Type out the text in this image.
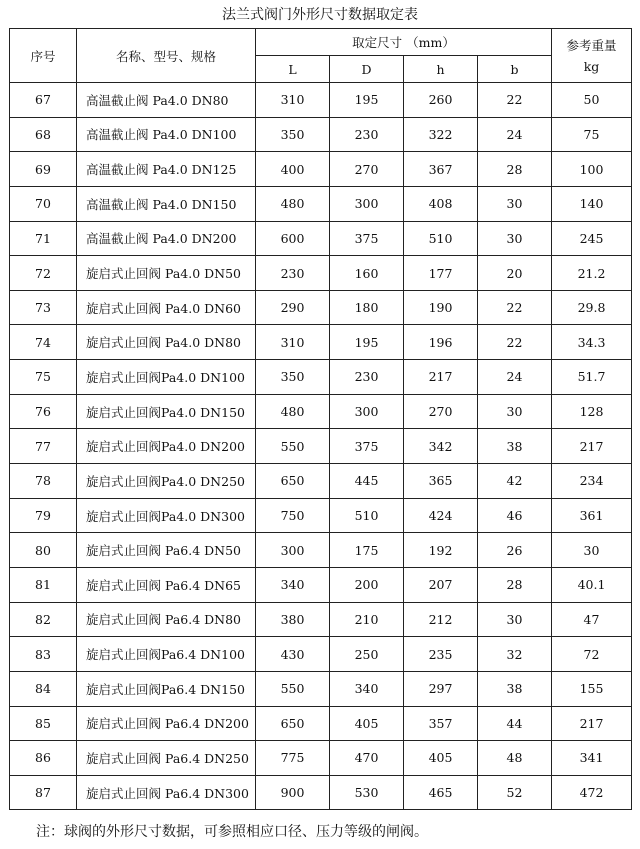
法兰式阀门外形尺寸数据取定表
序号	名称、型号、规格	取定尺寸 （mm）				参考重量
kg
		L	D	h	b	
67	高温截止阀 Pa4.0 DN80	310	195	260	22	50
68	高温截止阀 Pa4.0 DN100	350	230	322	24	75
69	高温截止阀 Pa4.0 DN125	400	270	367	28	100
70	高温截止阀 Pa4.0 DN150	480	300	408	30	140
71	高温截止阀 Pa4.0 DN200	600	375	510	30	245
72	旋启式止回阀 Pa4.0 DN50	230	160	177	20	21.2
73	旋启式止回阀 Pa4.0 DN60	290	180	190	22	29.8
74	旋启式止回阀 Pa4.0 DN80	310	195	196	22	34.3
75	旋启式止回阀Pa4.0 DN100	350	230	217	24	51.7
76	旋启式止回阀Pa4.0 DN150	480	300	270	30	128
77	旋启式止回阀Pa4.0 DN200	550	375	342	38	217
78	旋启式止回阀Pa4.0 DN250	650	445	365	42	234
79	旋启式止回阀Pa4.0 DN300	750	510	424	46	361
80	旋启式止回阀 Pa6.4 DN50	300	175	192	26	30
81	旋启式止回阀 Pa6.4 DN65	340	200	207	28	40.1
82	旋启式止回阀 Pa6.4 DN80	380	210	212	30	47
83	旋启式止回阀Pa6.4 DN100	430	250	235	32	72
84	旋启式止回阀Pa6.4 DN150	550	340	297	38	155
85	旋启式止回阀 Pa6.4 DN200	650	405	357	44	217
86	旋启式止回阀 Pa6.4 DN250	775	470	405	48	341
87	旋启式止回阀 Pa6.4 DN300	900	530	465	52	472
注：球阀的外形尺寸数据，可参照相应口径、压力等级的闸阀。
